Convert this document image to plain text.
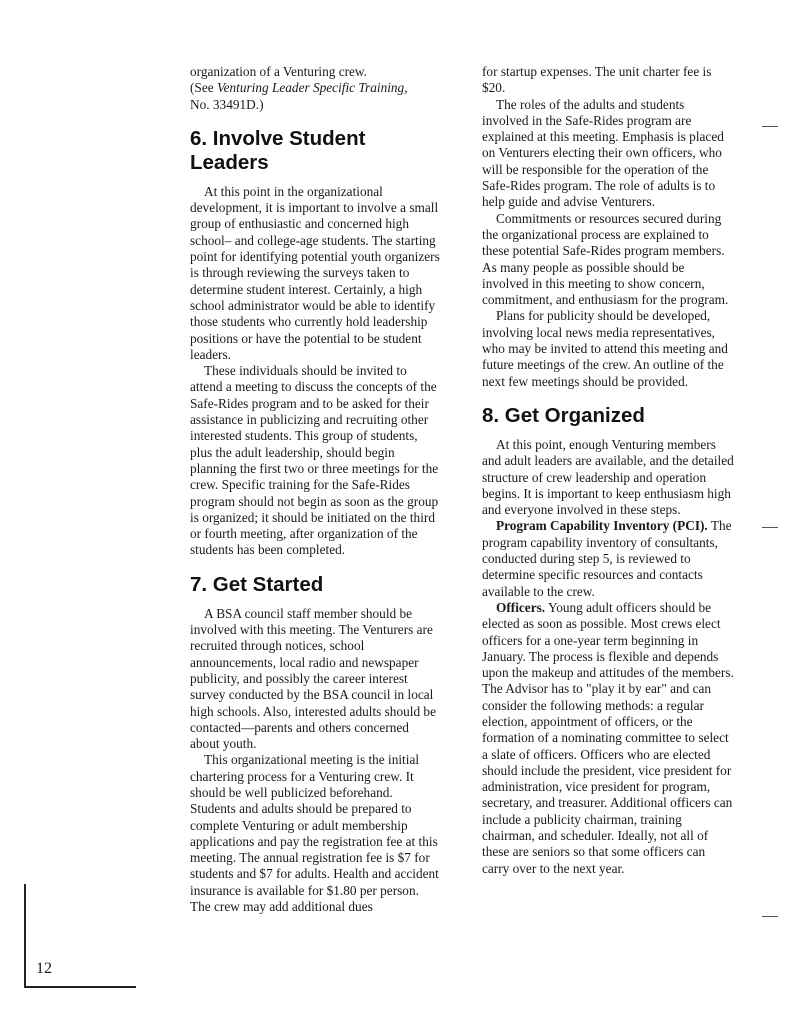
organization of a Venturing crew.
(See Venturing Leader Specific Training,
No. 33491D.)

6. Involve Student Leaders

At this point in the organizational development, it is important to involve a small group of enthusiastic and concerned high school– and college-age students. The starting point for identifying potential youth organizers is through reviewing the surveys taken to determine student interest. Certainly, a high school administrator would be able to identify those students who currently hold leadership positions or have the potential to be student leaders.

These individuals should be invited to attend a meeting to discuss the concepts of the Safe-Rides program and to be asked for their assistance in publicizing and recruiting other interested students. This group of students, plus the adult leadership, should begin planning the first two or three meetings for the crew. Specific training for the Safe-Rides program should not begin as soon as the group is organized; it should be initiated on the third or fourth meeting, after organization of the students has been completed.

7. Get Started

A BSA council staff member should be involved with this meeting. The Venturers are recruited through notices, school announcements, local radio and newspaper publicity, and possibly the career interest survey conducted by the BSA council in local high schools. Also, interested adults should be contacted—parents and others concerned about youth.

This organizational meeting is the initial chartering process for a Venturing crew. It should be well publicized beforehand. Students and adults should be prepared to complete Venturing or adult membership applications and pay the registration fee at this meeting. The annual registration fee is $7 for students and $7 for adults. Health and accident insurance is available for $1.80 per person. The crew may add additional dues

for startup expenses. The unit charter fee is $20.

The roles of the adults and students involved in the Safe-Rides program are explained at this meeting. Emphasis is placed on Venturers electing their own officers, who will be responsible for the operation of the Safe-Rides program. The role of adults is to help guide and advise Venturers.

Commitments or resources secured during the organizational process are explained to these potential Safe-Rides program members. As many people as possible should be involved in this meeting to show concern, commitment, and enthusiasm for the program.

Plans for publicity should be developed, involving local news media representatives, who may be invited to attend this meeting and future meetings of the crew. An outline of the next few meetings should be provided.

8. Get Organized

At this point, enough Venturing members and adult leaders are available, and the detailed structure of crew leadership and operation begins. It is important to keep enthusiasm high and everyone involved in these steps.

Program Capability Inventory (PCI). The program capability inventory of consultants, conducted during step 5, is reviewed to determine specific resources and contacts available to the crew.

Officers. Young adult officers should be elected as soon as possible. Most crews elect officers for a one-year term beginning in January. The process is flexible and depends upon the makeup and attitudes of the members. The Advisor has to "play it by ear" and can consider the following methods: a regular election, appointment of officers, or the formation of a nominating committee to select a slate of officers. Officers who are elected should include the president, vice president for administration, vice president for program, secretary, and treasurer. Additional officers can include a publicity chairman, training chairman, and scheduler. Ideally, not all of these are seniors so that some officers can carry over to the next year.

12
